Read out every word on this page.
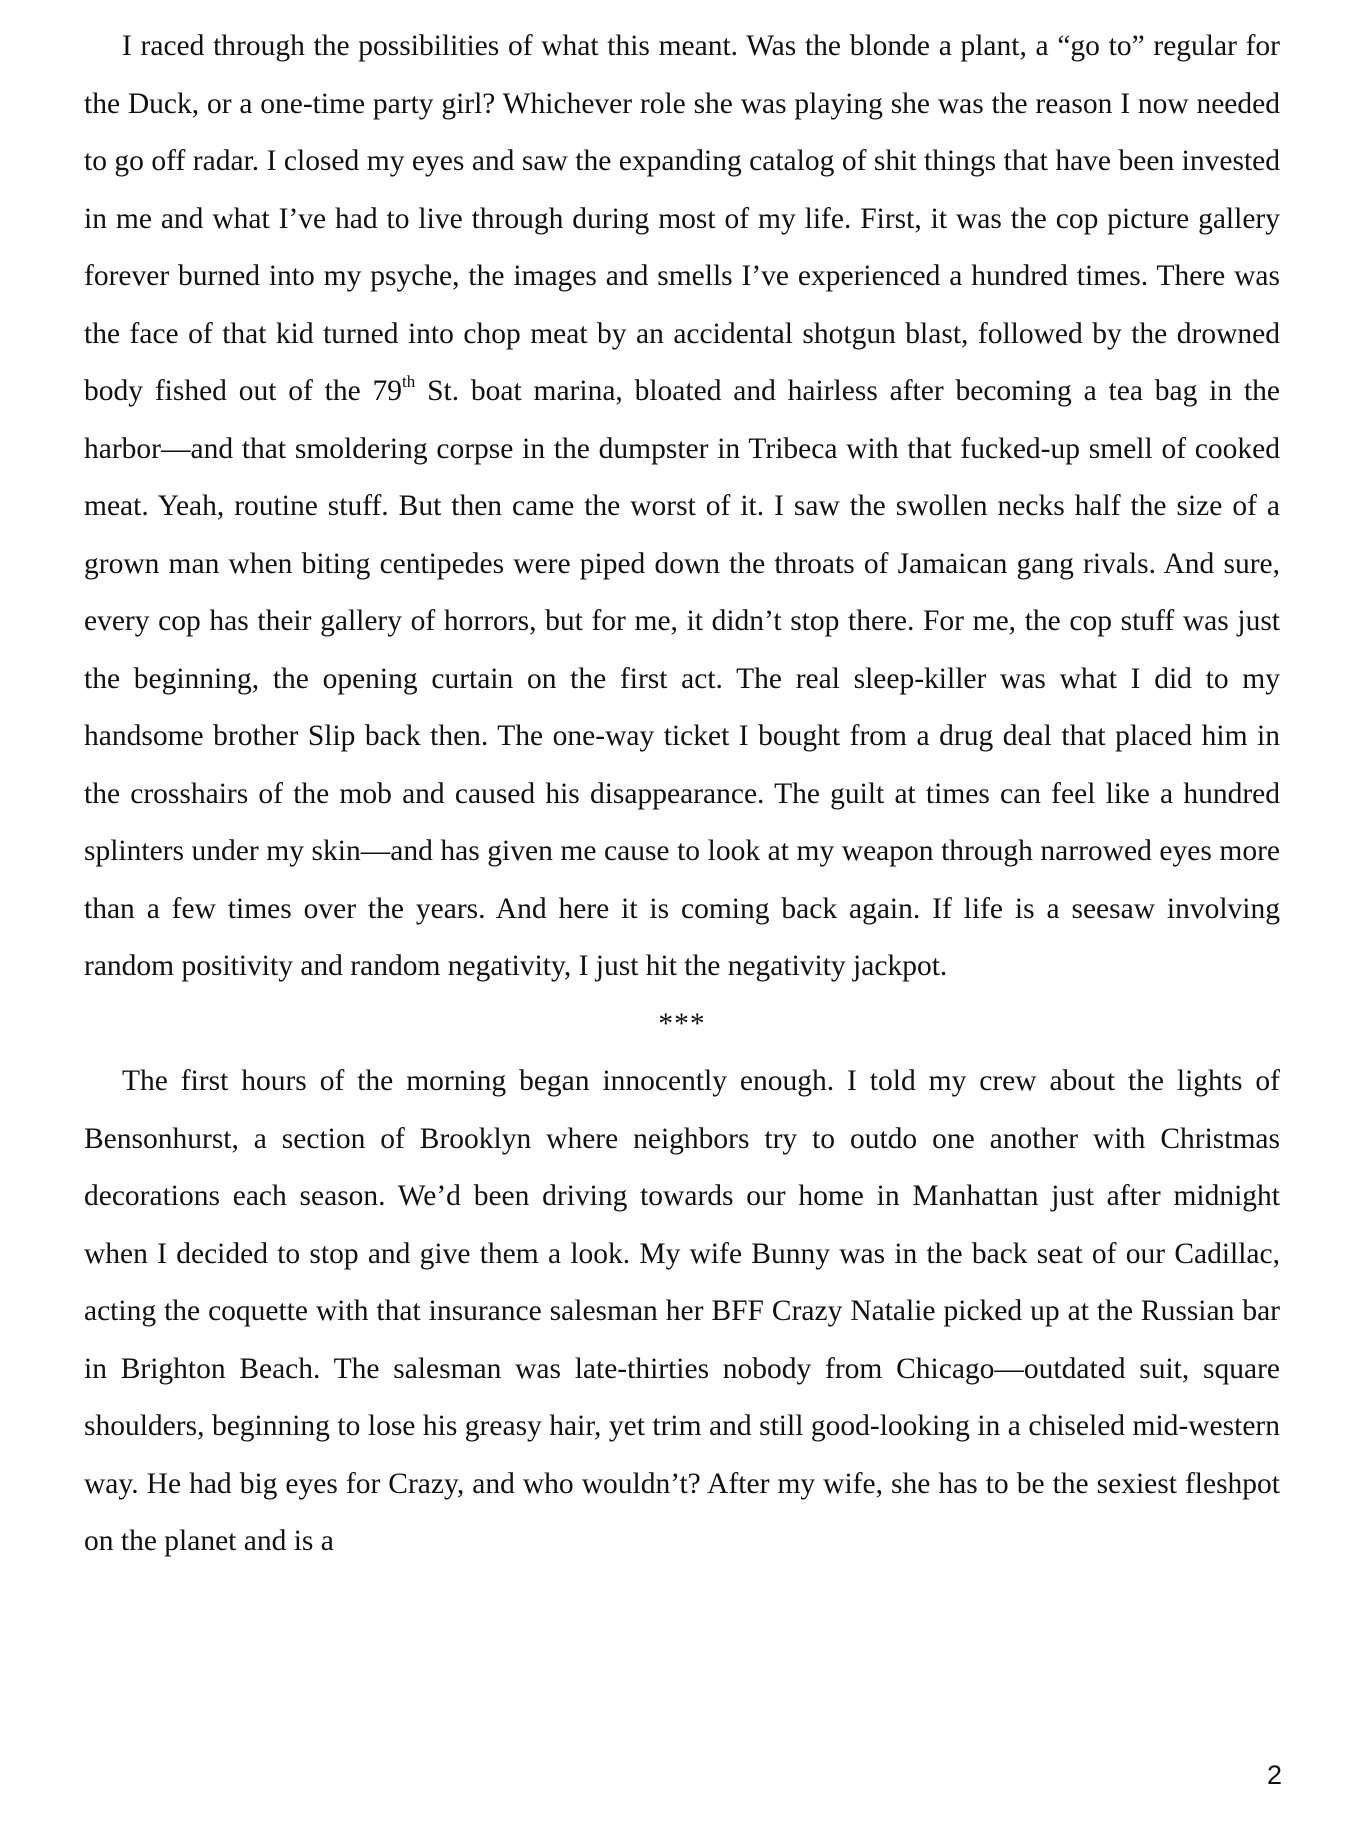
I raced through the possibilities of what this meant. Was the blonde a plant, a “go to” regular for the Duck, or a one-time party girl? Whichever role she was playing she was the reason I now needed to go off radar. I closed my eyes and saw the expanding catalog of shit things that have been invested in me and what I’ve had to live through during most of my life. First, it was the cop picture gallery forever burned into my psyche, the images and smells I’ve experienced a hundred times. There was the face of that kid turned into chop meat by an accidental shotgun blast, followed by the drowned body fished out of the 79th St. boat marina, bloated and hairless after becoming a tea bag in the harbor—and that smoldering corpse in the dumpster in Tribeca with that fucked-up smell of cooked meat. Yeah, routine stuff. But then came the worst of it. I saw the swollen necks half the size of a grown man when biting centipedes were piped down the throats of Jamaican gang rivals. And sure, every cop has their gallery of horrors, but for me, it didn’t stop there. For me, the cop stuff was just the beginning, the opening curtain on the first act. The real sleep-killer was what I did to my handsome brother Slip back then. The one-way ticket I bought from a drug deal that placed him in the crosshairs of the mob and caused his disappearance. The guilt at times can feel like a hundred splinters under my skin—and has given me cause to look at my weapon through narrowed eyes more than a few times over the years. And here it is coming back again. If life is a seesaw involving random positivity and random negativity, I just hit the negativity jackpot.

***

The first hours of the morning began innocently enough. I told my crew about the lights of Bensonhurst, a section of Brooklyn where neighbors try to outdo one another with Christmas decorations each season. We’d been driving towards our home in Manhattan just after midnight when I decided to stop and give them a look. My wife Bunny was in the back seat of our Cadillac, acting the coquette with that insurance salesman her BFF Crazy Natalie picked up at the Russian bar in Brighton Beach. The salesman was late-thirties nobody from Chicago—outdated suit, square shoulders, beginning to lose his greasy hair, yet trim and still good-looking in a chiseled mid-western way. He had big eyes for Crazy, and who wouldn’t? After my wife, she has to be the sexiest fleshpot on the planet and is a

2
